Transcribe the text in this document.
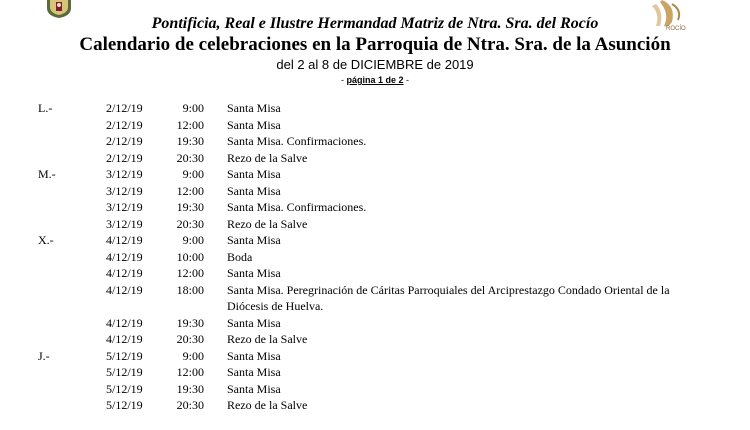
ROCÍO
Pontificia, Real e Ilustre Hermandad Matriz de Ntra. Sra. del Rocío
Calendario de celebraciones en la Parroquia de Ntra. Sra. de la Asunción
del 2 al 8 de DICIEMBRE de 2019
- página 1 de 2 -
L.-	2/12/19	9:00 Santa Misa
2/12/19	12:00 Santa Misa
2/12/19	19:30 Santa Misa. Confirmaciones.
2/12/19	20:30 Rezo de la Salve
M.-	3/12/19	9:00 Santa Misa
3/12/19	12:00 Santa Misa
3/12/19	19:30 Santa Misa. Confirmaciones.
3/12/19	20:30 Rezo de la Salve
X.-	4/12/19	9:00 Santa Misa
4/12/19	10:00 Boda
4/12/19	12:00 Santa Misa
4/12/19	18:00 Santa Misa. Peregrinación de Cáritas Parroquiales del Arciprestazgo Condado Oriental de la Diócesis de Huelva.
4/12/19	19:30 Santa Misa
4/12/19	20:30 Rezo de la Salve
J.-	5/12/19	9:00 Santa Misa
5/12/19	12:00 Santa Misa
5/12/19	19:30 Santa Misa
5/12/19	20:30 Rezo de la Salve
